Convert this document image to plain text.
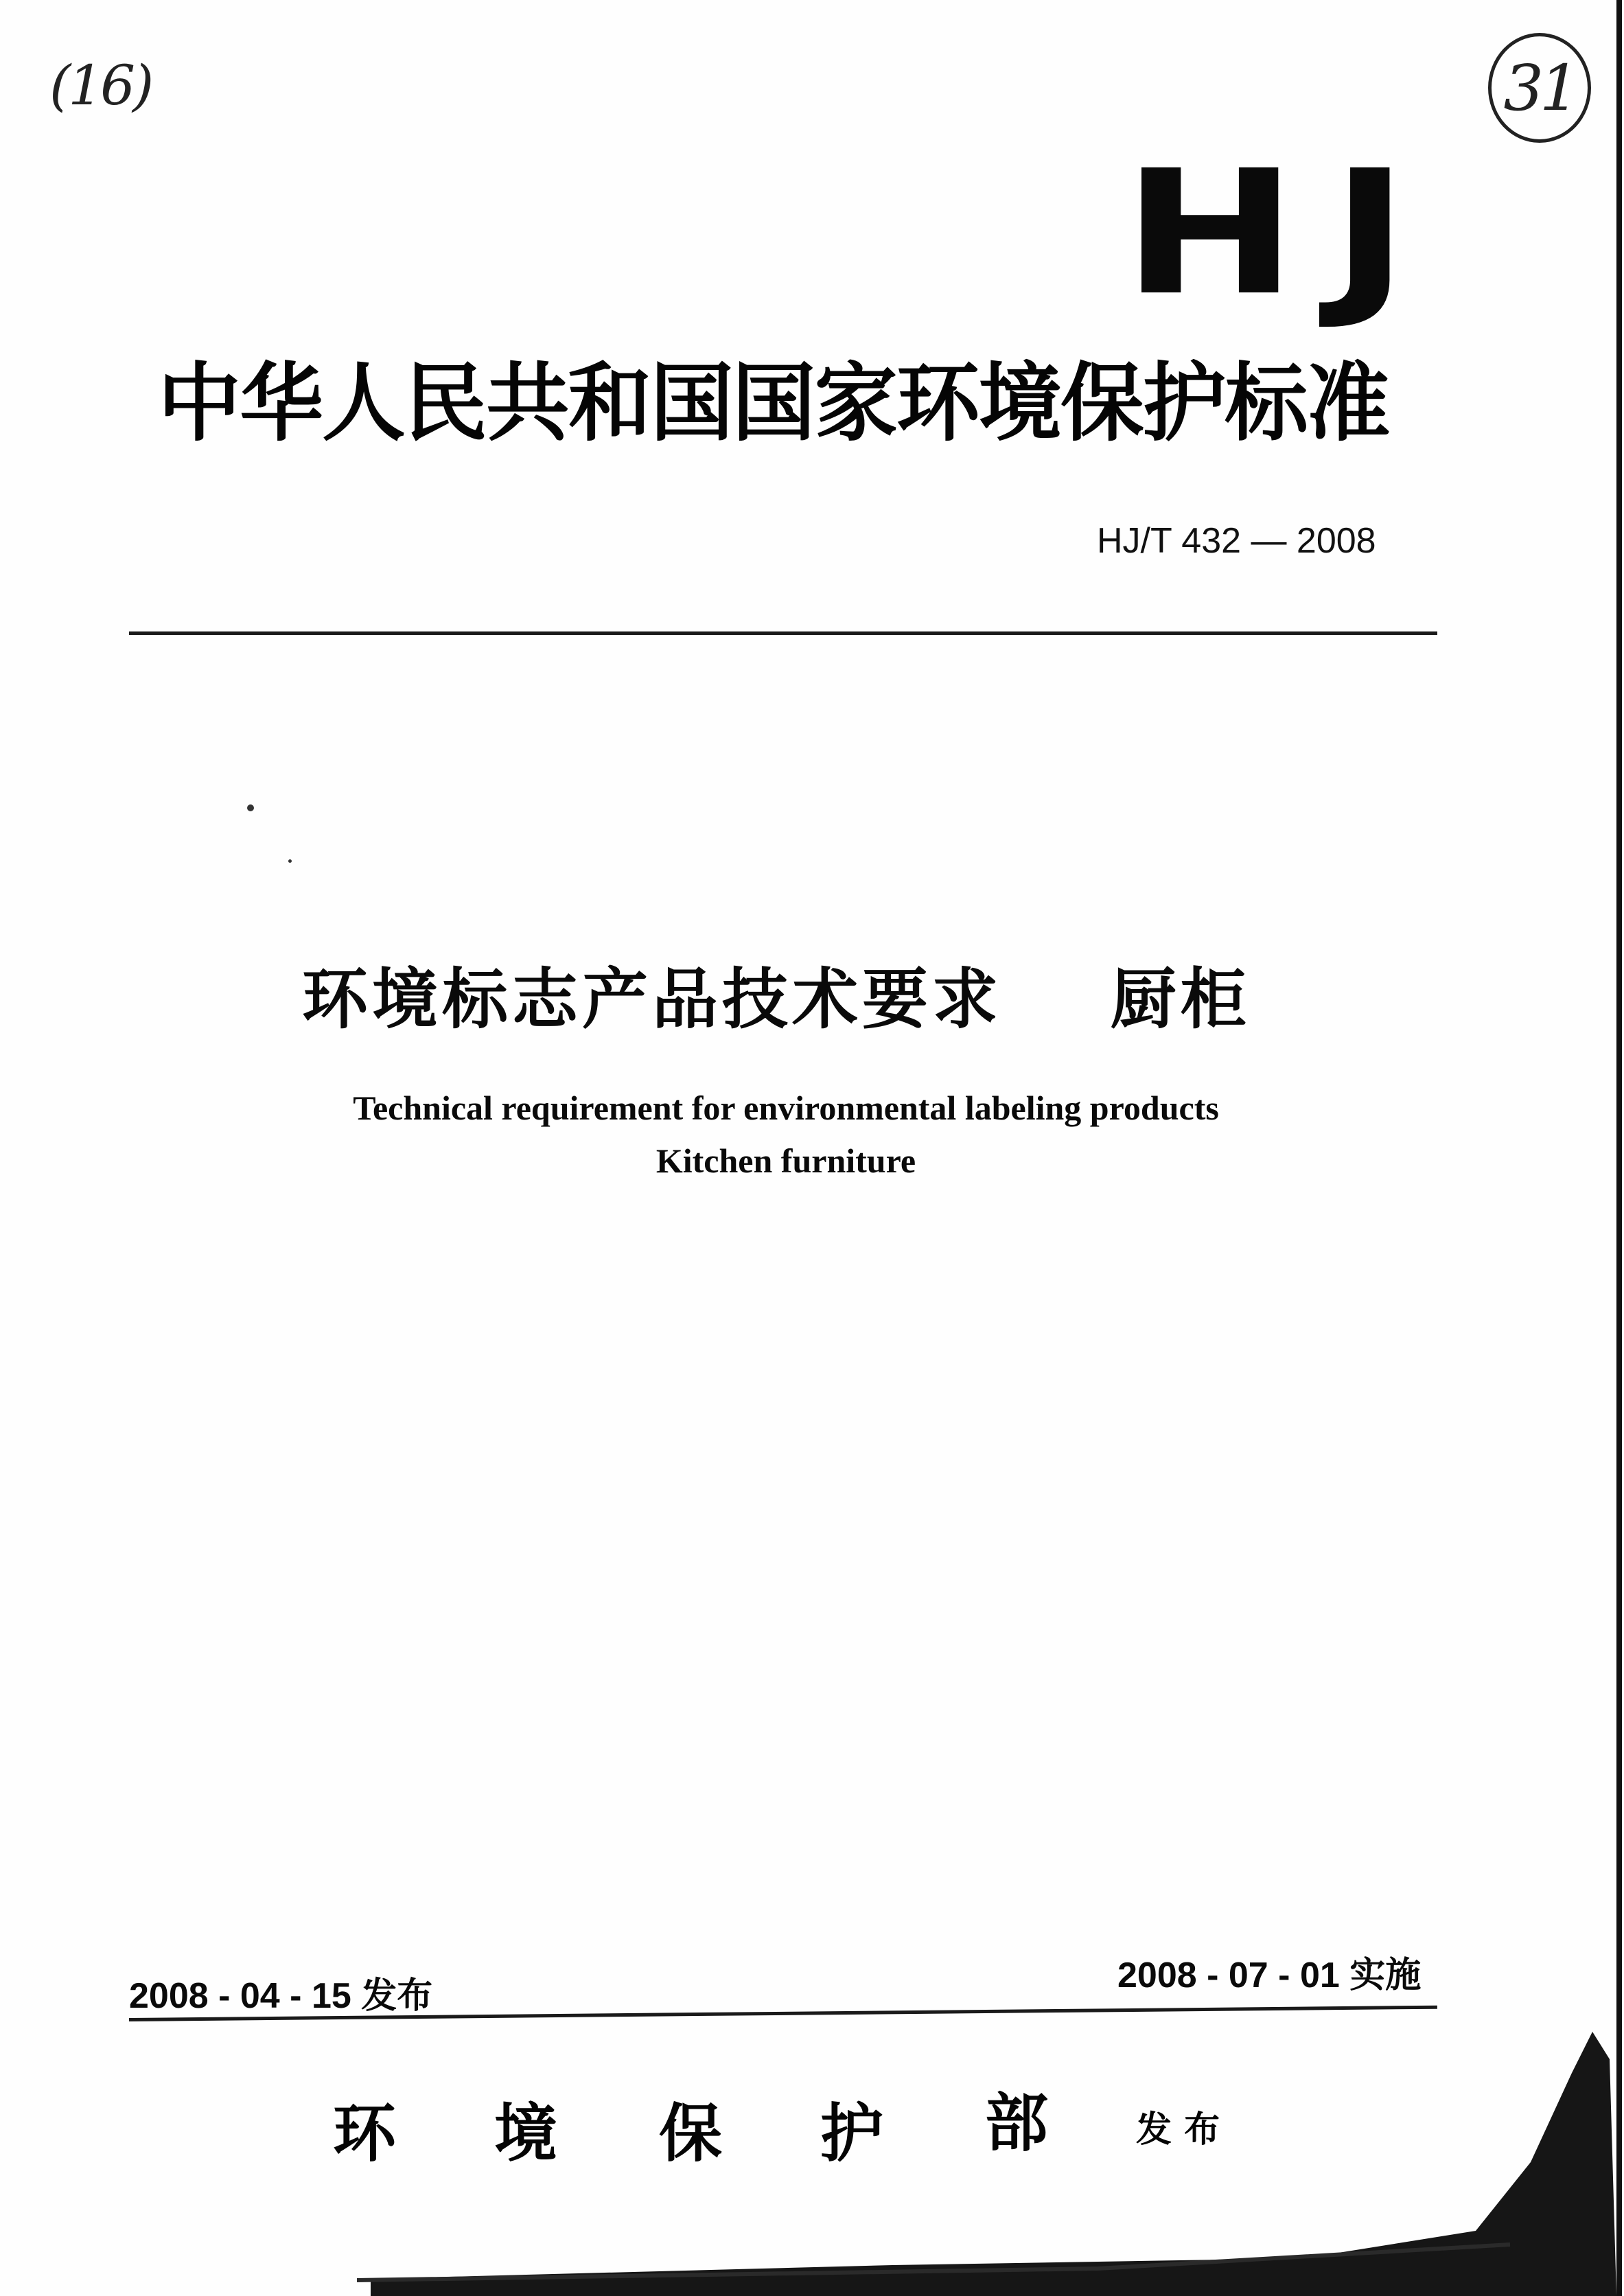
(16)	31
HJ
中华人民共和国国家环境保护标准
HJ/T 432 — 2008
环境标志产品技术要求    厨柜
Technical requirement for environmental labeling products
Kitchen furniture
2008 - 04 - 15 发布
2008 - 07 - 01 实施
环 境 保 护 部 发 布
